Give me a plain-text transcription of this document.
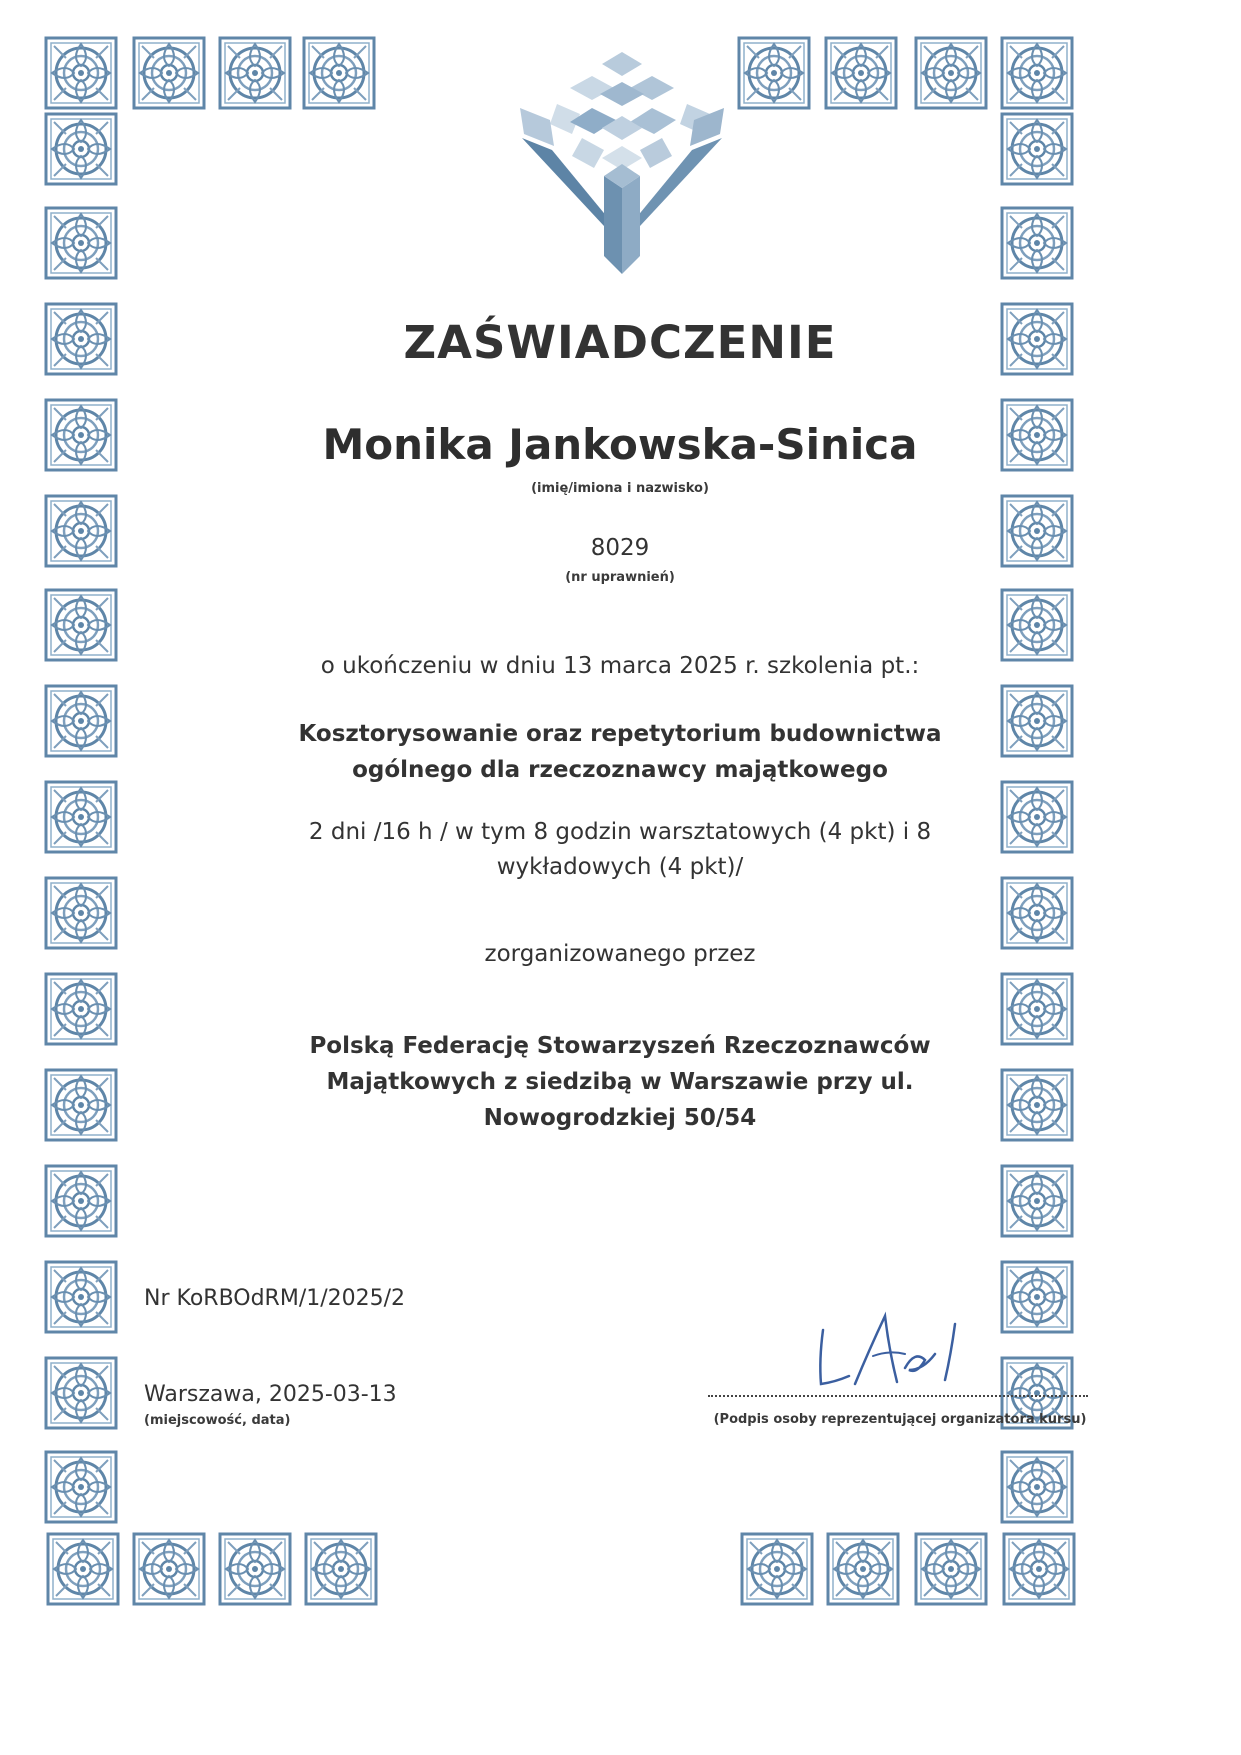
ZAŚWIADCZENIE
Monika Jankowska-Sinica
(imię/imiona i nazwisko)
8029
(nr uprawnień)
o ukończeniu w dniu 13 marca 2025 r. szkolenia pt.:
Kosztorysowanie oraz repetytorium budownictwa
ogólnego dla rzeczoznawcy majątkowego
2 dni /16 h / w tym 8 godzin warsztatowych (4 pkt) i 8
wykładowych (4 pkt)/
zorganizowanego przez
Polską Federację Stowarzyszeń Rzeczoznawców
Majątkowych z siedzibą w Warszawie przy ul.
Nowogrodzkiej 50/54
Nr KoRBOdRM/1/2025/2
Warszawa, 2025-03-13
(miejscowość, data)	(Podpis osoby reprezentującej organizatora kursu)
